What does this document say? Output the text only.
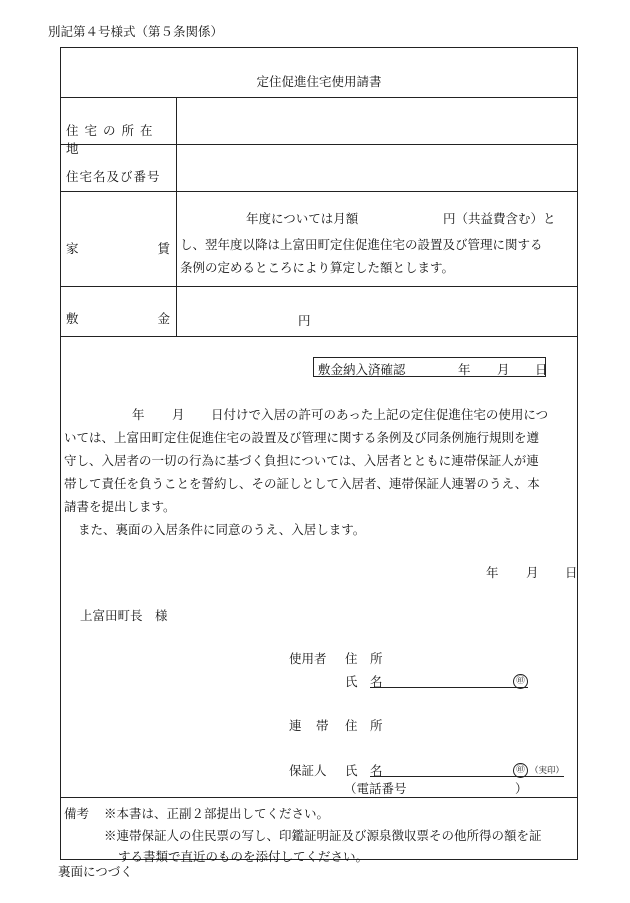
別記第４号様式（第５条関係）
定住促進住宅使用請書
住宅の所在地
住宅名及び番号
家	賃
年度については月額	円（共益費含む）と
し、翌年度以降は上富田町定住促進住宅の設置及び管理に関する
条例の定めるところにより算定した額とします。
敷	金	円
敷金納入済確認	年 月 日
年 月 日付けで入居の許可のあった上記の定住促進住宅の使用につ
いては、上富田町定住促進住宅の設置及び管理に関する条例及び同条例施行規則を遵
守し、入居者の一切の行為に基づく負担については、入居者とともに連帯保証人が連
帯して責任を負うことを誓約し、その証しとして入居者、連帯保証人連署のうえ、本
請書を提出します。
また、裏面の入居条件に同意のうえ、入居します。
年 月 日
上富田町長　様
使用者 住 所
氏 名	㊞
連 帯 住 所
保証人 氏 名	㊞ （実印）
（電話番号	）
備考 ※本書は、正副２部提出してください。
※連帯保証人の住民票の写し、印鑑証明証及び源泉徴収票その他所得の額を証
する書類で直近のものを添付してください。
裏面につづく
